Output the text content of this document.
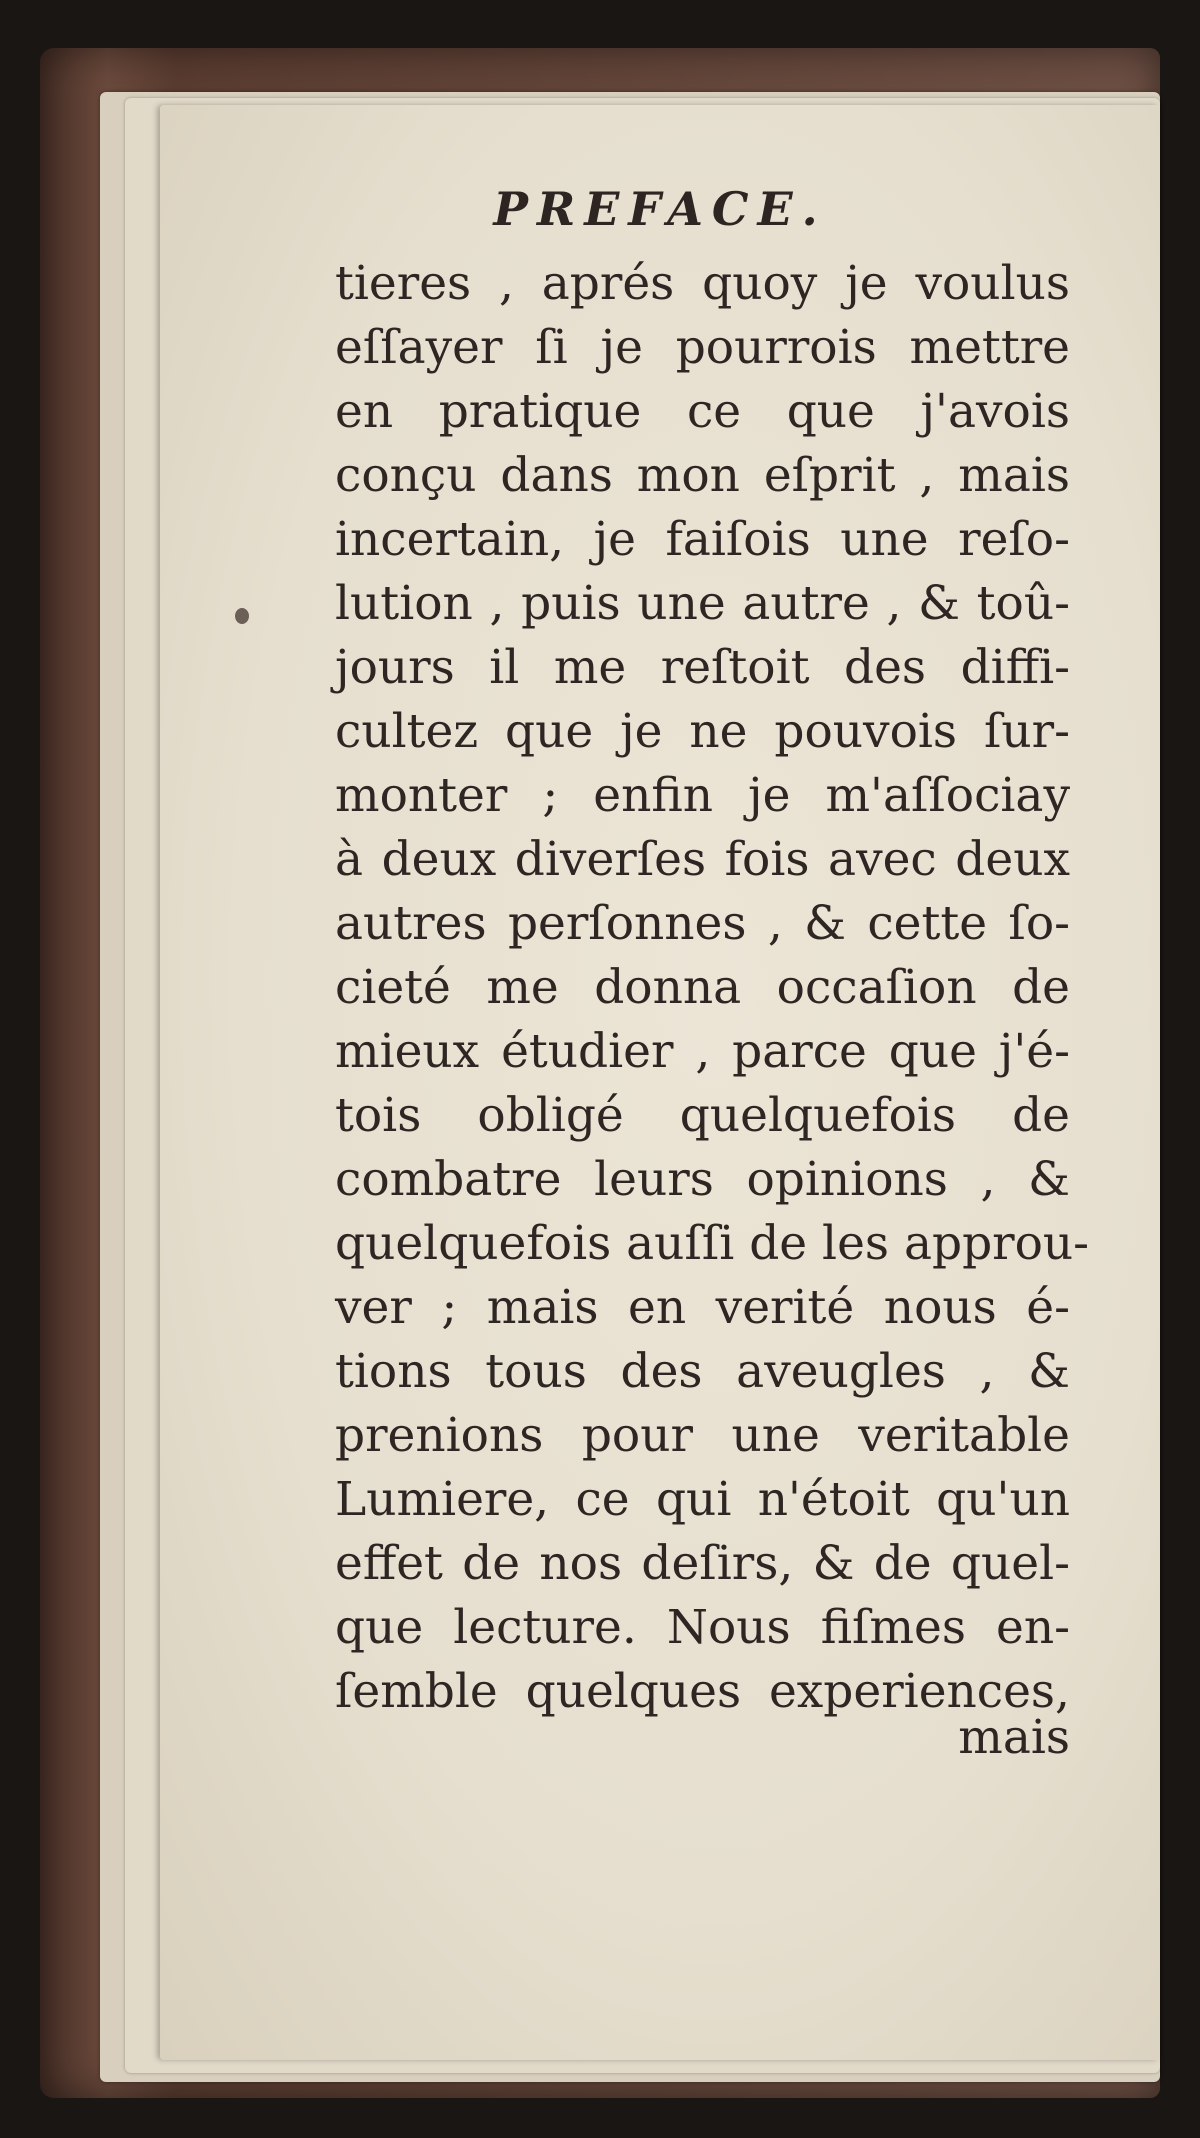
PREFACE.
tieres , aprés quoy je voulus
eſſayer ſi je pourrois mettre
en pratique ce que j'avois
conçu dans mon eſprit , mais
incertain, je faiſois une reſo-
lution , puis une autre , & toû-
jours il me reſtoit des diffi-
cultez que je ne pouvois ſur-
monter ; enfin je m'aſſociay
à deux diverſes fois avec deux
autres perſonnes , & cette ſo-
cieté me donna occaſion de
mieux étudier , parce que j'é-
tois obligé quelquefois de
combatre leurs opinions , &
quelquefois auſſi de les approu-
ver ; mais en verité nous é-
tions tous des aveugles , &
prenions pour une veritable
Lumiere, ce qui n'étoit qu'un
effet de nos deſirs, & de quel-
que lecture. Nous fiſmes en-
ſemble quelques experiences,
mais
